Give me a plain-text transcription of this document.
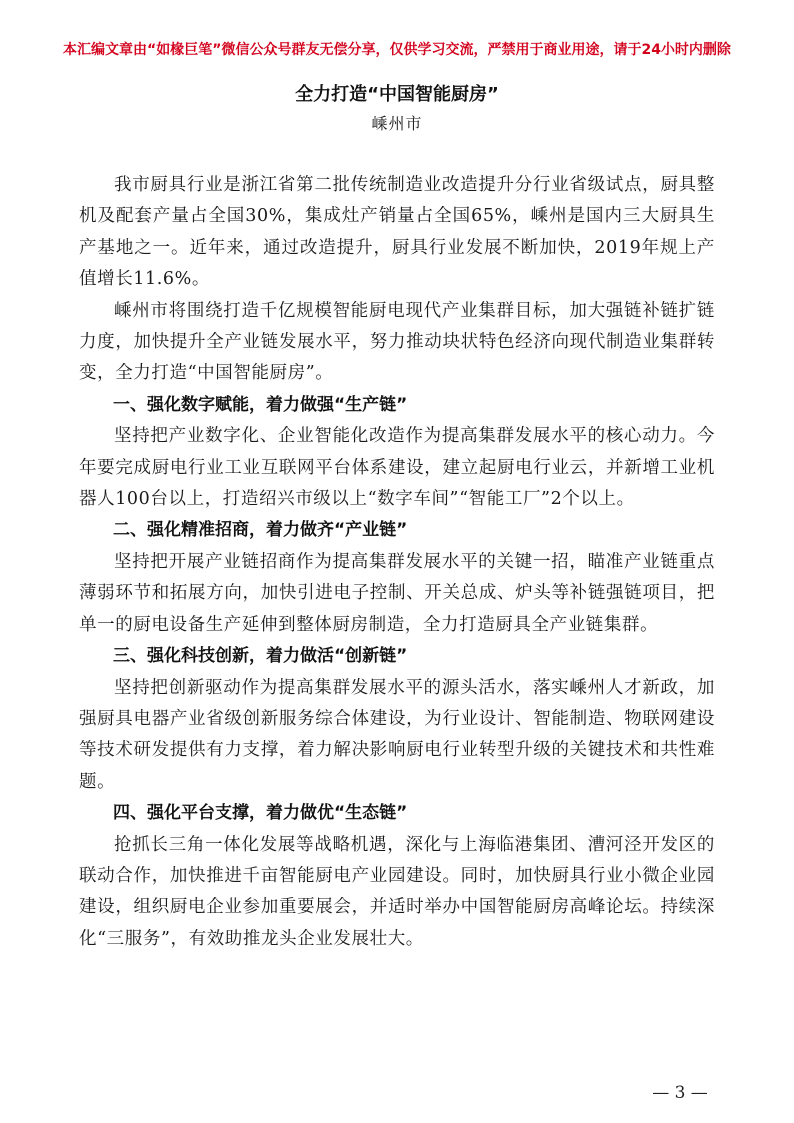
本汇编文章由“如椽巨笔”微信公众号群友无偿分享，仅供学习交流，严禁用于商业用途，请于24小时内删除
全力打造“中国智能厨房”
嵊州市

我市厨具行业是浙江省第二批传统制造业改造提升分行业省级试点，厨具整机及配套产量占全国30%，集成灶产销量占全国65%，嵊州是国内三大厨具生产基地之一。近年来，通过改造提升，厨具行业发展不断加快，2019年规上产值增长11.6%。

嵊州市将围绕打造千亿规模智能厨电现代产业集群目标，加大强链补链扩链力度，加快提升全产业链发展水平，努力推动块状特色经济向现代制造业集群转变，全力打造“中国智能厨房”。

一、强化数字赋能，着力做强“生产链”

坚持把产业数字化、企业智能化改造作为提高集群发展水平的核心动力。今年要完成厨电行业工业互联网平台体系建设，建立起厨电行业云，并新增工业机器人100台以上，打造绍兴市级以上“数字车间”“智能工厂”2个以上。

二、强化精准招商，着力做齐“产业链”

坚持把开展产业链招商作为提高集群发展水平的关键一招，瞄准产业链重点薄弱环节和拓展方向，加快引进电子控制、开关总成、炉头等补链强链项目，把单一的厨电设备生产延伸到整体厨房制造，全力打造厨具全产业链集群。

三、强化科技创新，着力做活“创新链”

坚持把创新驱动作为提高集群发展水平的源头活水，落实嵊州人才新政，加强厨具电器产业省级创新服务综合体建设，为行业设计、智能制造、物联网建设等技术研发提供有力支撑，着力解决影响厨电行业转型升级的关键技术和共性难题。

四、强化平台支撑，着力做优“生态链”

抢抓长三角一体化发展等战略机遇，深化与上海临港集团、漕河泾开发区的联动合作，加快推进千亩智能厨电产业园建设。同时，加快厨具行业小微企业园建设，组织厨电企业参加重要展会，并适时举办中国智能厨房高峰论坛。持续深化“三服务”，有效助推龙头企业发展壮大。

— 3 —
